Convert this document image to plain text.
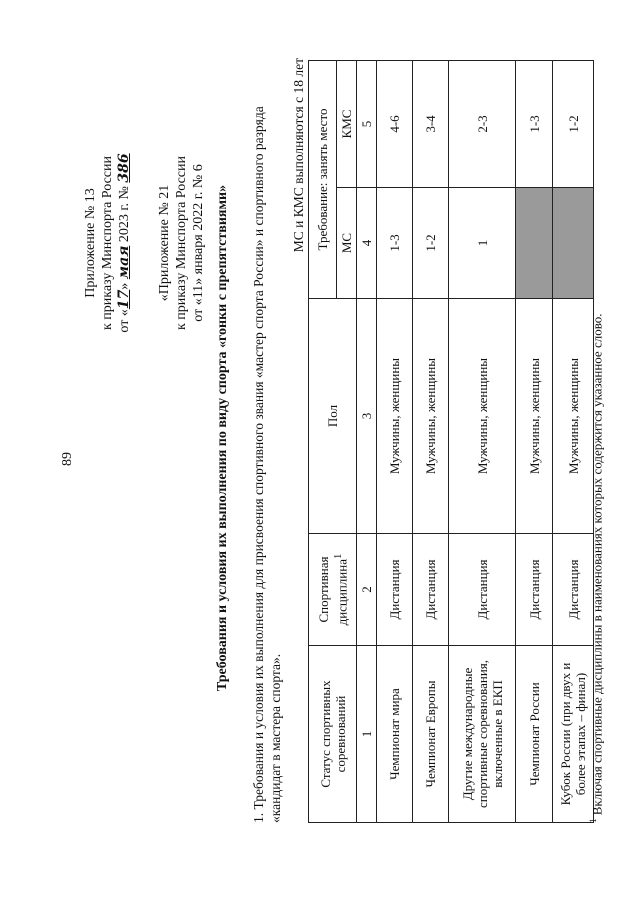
89
Приложение № 13 к приказу Минспорта России от «17» мая 2023 г. № 386
«Приложение № 21 к приказу Минспорта России от «11» января 2022 г. № 6 Требования и условия их выполнения по виду спорта «гонки с препятствиями» 1. Требования и условия их выполнения для присвоения спортивного звания «мастер спорта России» и спортивного разряда «кандидат в мастера спорта».
МС и КМС выполняются с 18 лет
Статус спортивных соревнований	Спортивная дисциплина$^1$	Пол	Требование: занять место	
			МС	КМС
1	2	3	4	5
Чемпионат мира	Дистанция	Мужчины, женщины	1-3	4-6
Чемпионат Европы	Дистанция	Мужчины, женщины	1-2	3-4
Другие международные спортивные соревнования, включенные в ЕКП	Дистанция	Мужчины, женщины	1	2-3
Чемпионат России	Дистанция	Мужчины, женщины		1-3
Кубок России (при двух и более этапах – финал)	Дистанция	Мужчины, женщины		1-2
$^1$ Включая спортивные дисциплины в наименованиях которых содержится указанное слово.
